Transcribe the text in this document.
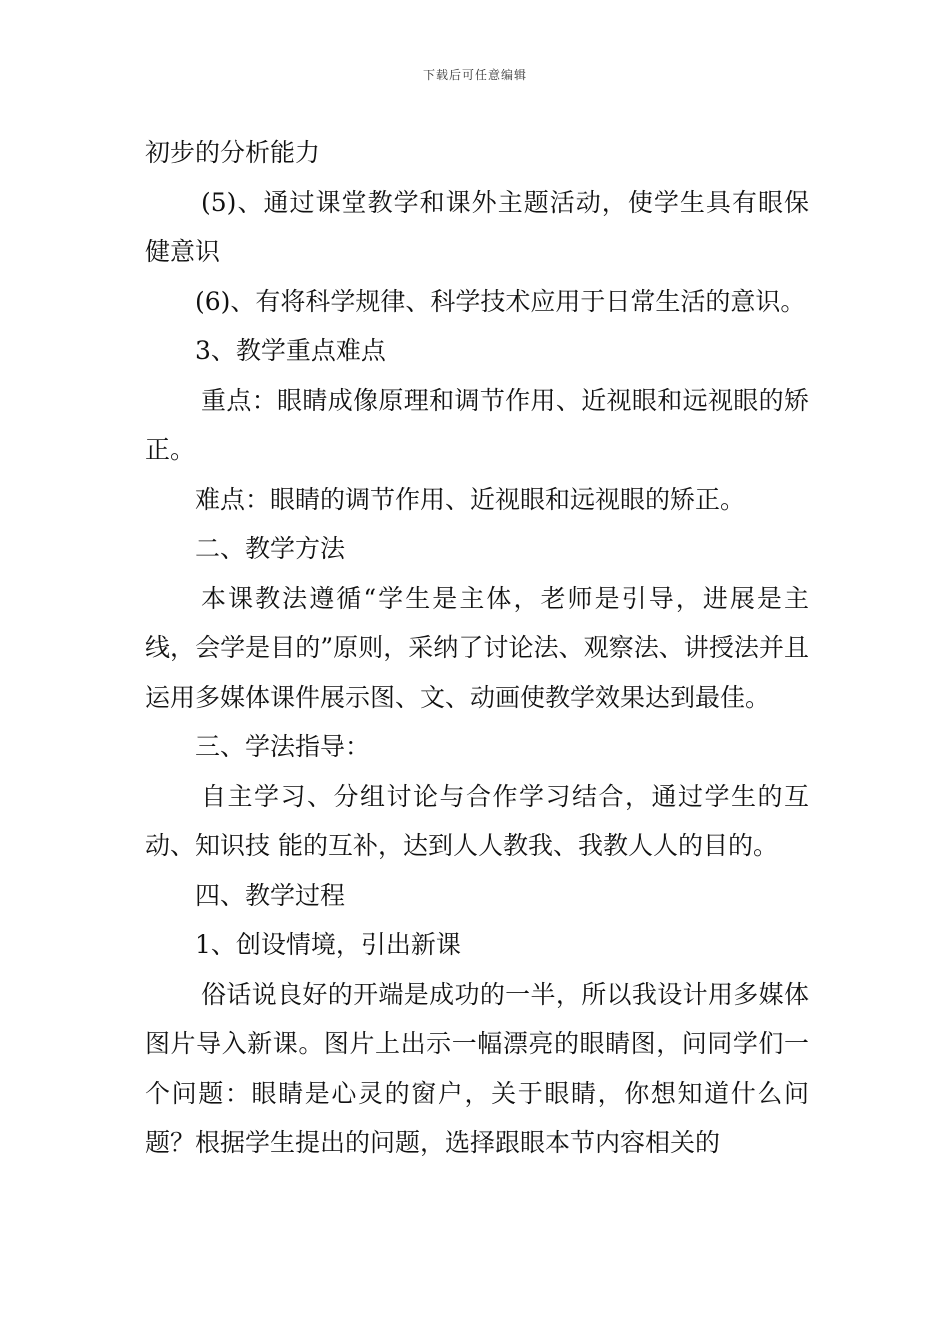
下载后可任意编辑

初步的分析能力

(5)、通过课堂教学和课外主题活动，使学生具有眼保健意识

(6)、有将科学规律、科学技术应用于日常生活的意识。

3、教学重点难点

重点：眼睛成像原理和调节作用、近视眼和远视眼的矫正。

难点：眼睛的调节作用、近视眼和远视眼的矫正。

二、教学方法

本课教法遵循“学生是主体，老师是引导，进展是主线，会学是目的”原则，采纳了讨论法、观察法、讲授法并且运用多媒体课件展示图、文、动画使教学效果达到最佳。

三、学法指导：

自主学习、分组讨论与合作学习结合，通过学生的互动、知识技 能的互补，达到人人教我、我教人人的目的。

四、教学过程

1、创设情境，引出新课

俗话说良好的开端是成功的一半，所以我设计用多媒体图片导入新课。图片上出示一幅漂亮的眼睛图，问同学们一个问题：眼睛是心灵的窗户，关于眼睛，你想知道什么问题？根据学生提出的问题，选择跟眼本节内容相关的
